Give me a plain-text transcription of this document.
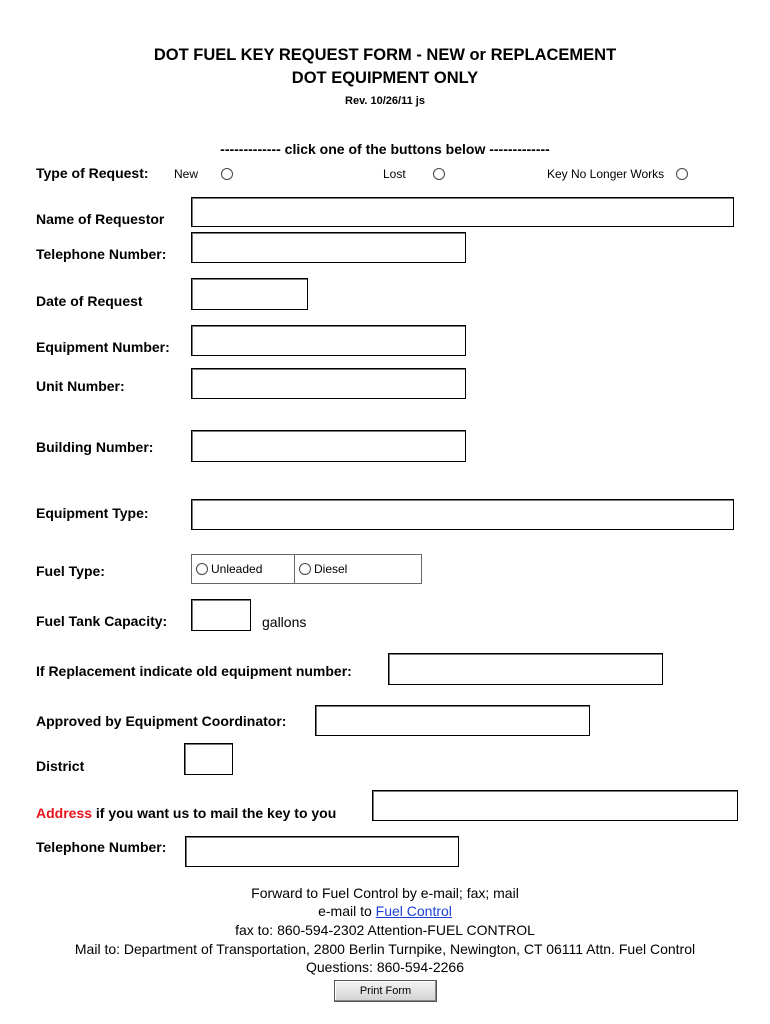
DOT FUEL KEY REQUEST FORM - NEW or REPLACEMENT
DOT EQUIPMENT ONLY
Rev. 10/26/11 js
------------- click one of the buttons below -------------
Type of Request: New	Lost	Key No Longer Works
Name of Requestor
Telephone Number:
Date of Request
Equipment Number:
Unit Number:
Building Number:
Equipment Type:
Fuel Type:	Unleaded	Diesel
Fuel Tank Capacity:	gallons
If Replacement indicate old equipment number:
Approved by Equipment Coordinator:
District
Address if you want us to mail the key to you
Telephone Number:
Forward to Fuel Control by e-mail; fax; mail
e-mail to Fuel Control
fax to: 860-594-2302 Attention-FUEL CONTROL
Mail to: Department of Transportation, 2800 Berlin Turnpike, Newington, CT 06111 Attn. Fuel Control
Questions: 860-594-2266
Print Form
